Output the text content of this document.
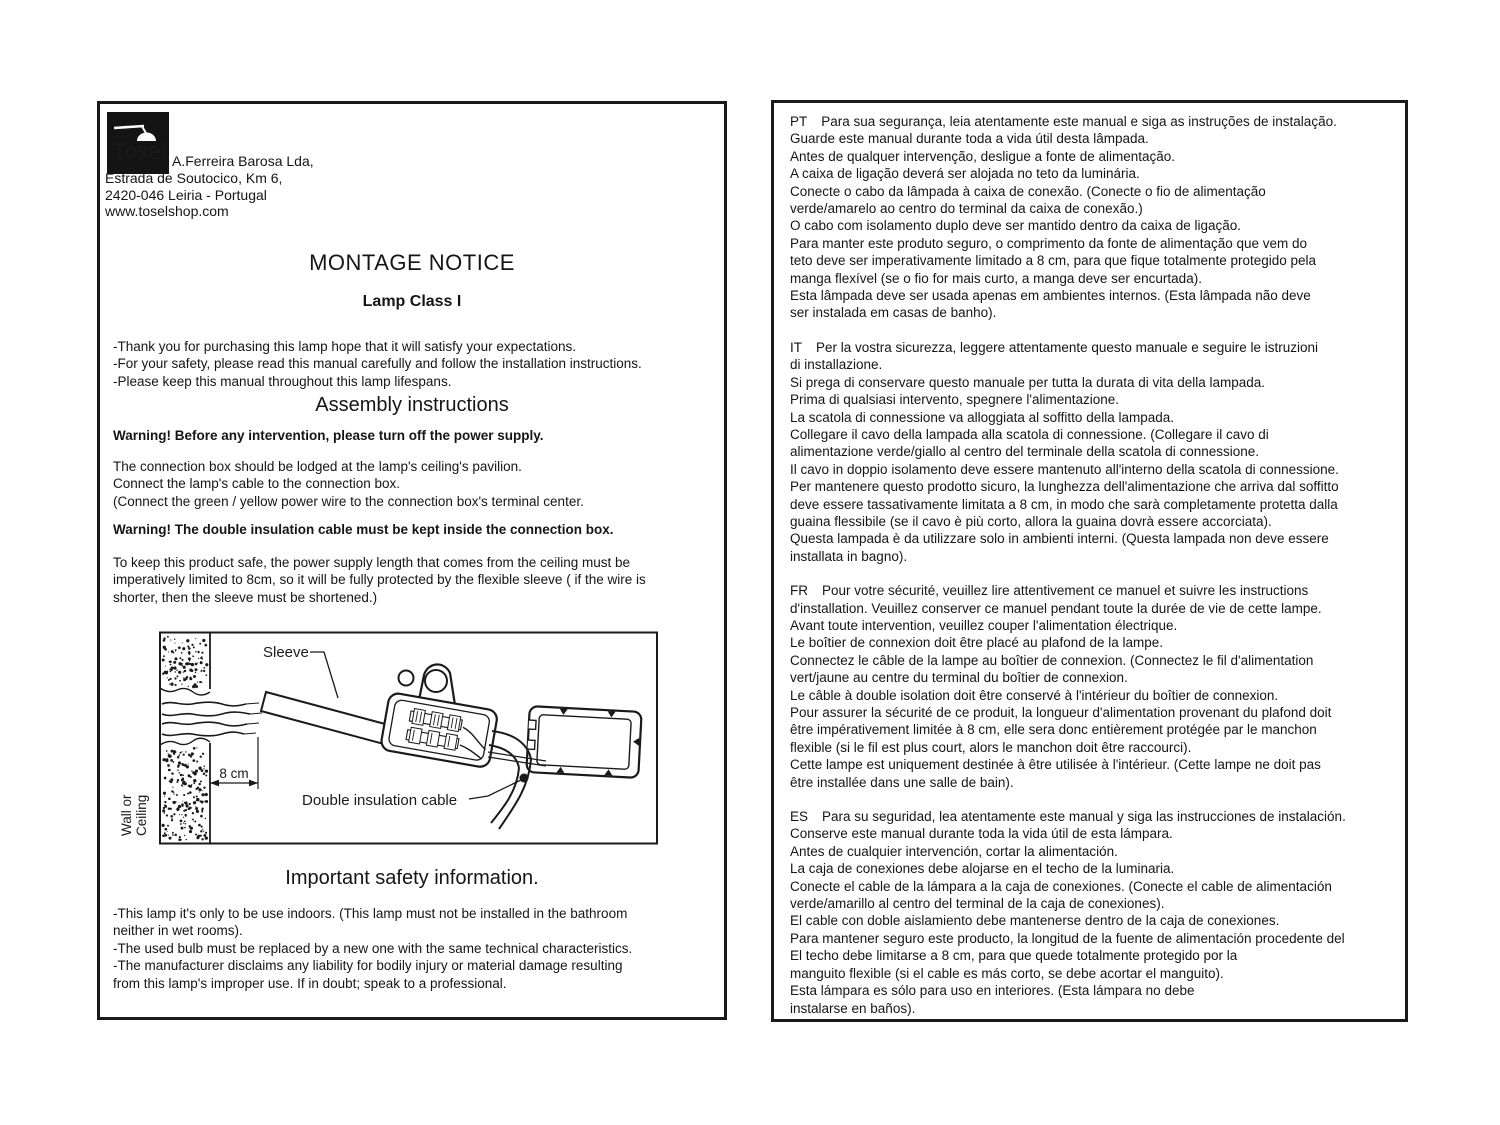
Tosel A.Ferreira Barosa Lda,
Estrada de Soutocico, Km 6,
2420-046 Leiria - Portugal
www.toselshop.com
MONTAGE NOTICE
Lamp Class I

-Thank you for purchasing this lamp hope that it will satisfy your expectations.
-For your safety, please read this manual carefully and follow the installation instructions.
-Please keep this manual throughout this lamp lifespans.

Assembly instructions

Warning! Before any intervention, please turn off the power supply.

The connection box should be lodged at the lamp's ceiling's pavilion.
Connect the lamp's cable to the connection box.
(Connect the green / yellow power wire to the connection box's terminal center.

Warning! The double insulation cable must be kept inside the connection box.

To keep this product safe, the power supply length that comes from the ceiling must be
imperatively limited to 8cm, so it will be fully protected by the flexible sleeve ( if the wire is
shorter, then the sleeve must be shortened.)

8 cm
Sleeve
Double insulation cable
Wall or Ceiling
Important safety information.

-This lamp it's only to be use indoors. (This lamp must not be installed in the bathroom
neither in wet rooms).
-The used bulb must be replaced by a new one with the same technical characteristics.
-The manufacturer disclaims any liability for bodily injury or material damage resulting
from this lamp's improper use. If in doubt; speak to a professional.

PT Para sua segurança, leia atentamente este manual e siga as instruções de instalação.
Guarde este manual durante toda a vida útil desta lâmpada.
Antes de qualquer intervenção, desligue a fonte de alimentação.
A caixa de ligação deverá ser alojada no teto da luminária.
Conecte o cabo da lâmpada à caixa de conexão. (Conecte o fio de alimentação
verde/amarelo ao centro do terminal da caixa de conexão.)
O cabo com isolamento duplo deve ser mantido dentro da caixa de ligação.
Para manter este produto seguro, o comprimento da fonte de alimentação que vem do
teto deve ser imperativamente limitado a 8 cm, para que fique totalmente protegido pela
manga flexível (se o fio for mais curto, a manga deve ser encurtada).
Esta lâmpada deve ser usada apenas em ambientes internos. (Esta lâmpada não deve
ser instalada em casas de banho).

IT Per la vostra sicurezza, leggere attentamente questo manuale e seguire le istruzioni
di installazione.
Si prega di conservare questo manuale per tutta la durata di vita della lampada.
Prima di qualsiasi intervento, spegnere l'alimentazione.
La scatola di connessione va alloggiata al soffitto della lampada.
Collegare il cavo della lampada alla scatola di connessione. (Collegare il cavo di
alimentazione verde/giallo al centro del terminale della scatola di connessione.
Il cavo in doppio isolamento deve essere mantenuto all'interno della scatola di connessione.
Per mantenere questo prodotto sicuro, la lunghezza dell'alimentazione che arriva dal soffitto
deve essere tassativamente limitata a 8 cm, in modo che sarà completamente protetta dalla
guaina flessibile (se il cavo è più corto, allora la guaina dovrà essere accorciata).
Questa lampada è da utilizzare solo in ambienti interni. (Questa lampada non deve essere
installata in bagno).

FR Pour votre sécurité, veuillez lire attentivement ce manuel et suivre les instructions
d'installation. Veuillez conserver ce manuel pendant toute la durée de vie de cette lampe.
Avant toute intervention, veuillez couper l'alimentation électrique.
Le boîtier de connexion doit être placé au plafond de la lampe.
Connectez le câble de la lampe au boîtier de connexion. (Connectez le fil d'alimentation
vert/jaune au centre du terminal du boîtier de connexion.
Le câble à double isolation doit être conservé à l'intérieur du boîtier de connexion.
Pour assurer la sécurité de ce produit, la longueur d'alimentation provenant du plafond doit
être impérativement limitée à 8 cm, elle sera donc entièrement protégée par le manchon
flexible (si le fil est plus court, alors le manchon doit être raccourci).
Cette lampe est uniquement destinée à être utilisée à l'intérieur. (Cette lampe ne doit pas
être installée dans une salle de bain).

ES Para su seguridad, lea atentamente este manual y siga las instrucciones de instalación.
Conserve este manual durante toda la vida útil de esta lámpara.
Antes de cualquier intervención, cortar la alimentación.
La caja de conexiones debe alojarse en el techo de la luminaria.
Conecte el cable de la lámpara a la caja de conexiones. (Conecte el cable de alimentación
verde/amarillo al centro del terminal de la caja de conexiones).
El cable con doble aislamiento debe mantenerse dentro de la caja de conexiones.
Para mantener seguro este producto, la longitud de la fuente de alimentación procedente del
El techo debe limitarse a 8 cm, para que quede totalmente protegido por la
manguito flexible (si el cable es más corto, se debe acortar el manguito).
Esta lámpara es sólo para uso en interiores. (Esta lámpara no debe
instalarse en baños).
